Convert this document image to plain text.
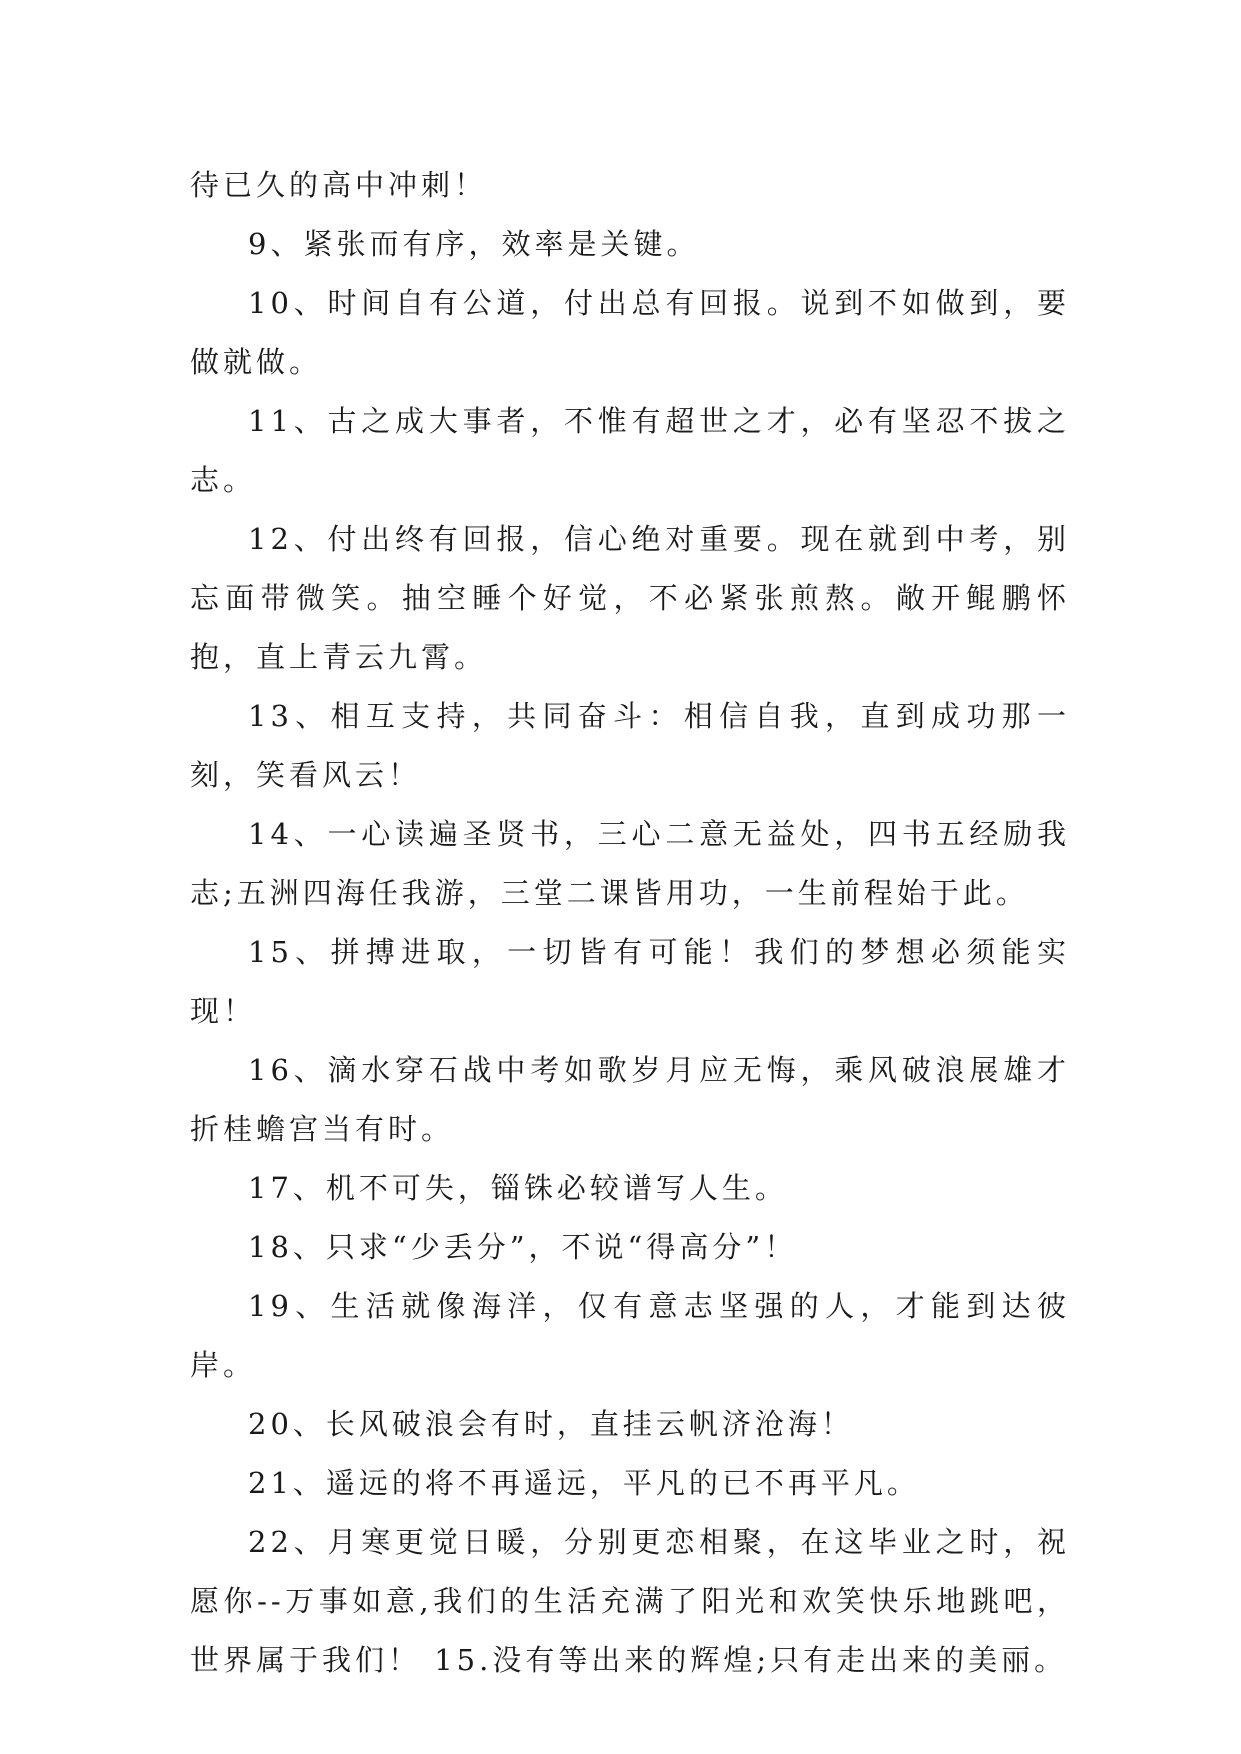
待已久的高中冲刺！

9、紧张而有序，效率是关键。

10、时间自有公道，付出总有回报。说到不如做到，要做就做。

11、古之成大事者，不惟有超世之才，必有坚忍不拔之志。

12、付出终有回报，信心绝对重要。现在就到中考，别忘面带微笑。抽空睡个好觉，不必紧张煎熬。敞开鲲鹏怀抱，直上青云九霄。

13、相互支持，共同奋斗：相信自我，直到成功那一刻，笑看风云！

14、一心读遍圣贤书，三心二意无益处，四书五经励我志;五洲四海任我游，三堂二课皆用功，一生前程始于此。

15、拼搏进取，一切皆有可能！我们的梦想必须能实现！

16、滴水穿石战中考如歌岁月应无悔，乘风破浪展雄才折桂蟾宫当有时。

17、机不可失，锱铢必较谱写人生。

18、只求“少丢分”，不说“得高分”！

19、生活就像海洋，仅有意志坚强的人，才能到达彼岸。

20、长风破浪会有时，直挂云帆济沧海！

21、遥远的将不再遥远，平凡的已不再平凡。

22、月寒更觉日暖，分别更恋相聚，在这毕业之时，祝愿你--万事如意,我们的生活充满了阳光和欢笑快乐地跳吧，世界属于我们！ 15.没有等出来的辉煌;只有走出来的美丽。
